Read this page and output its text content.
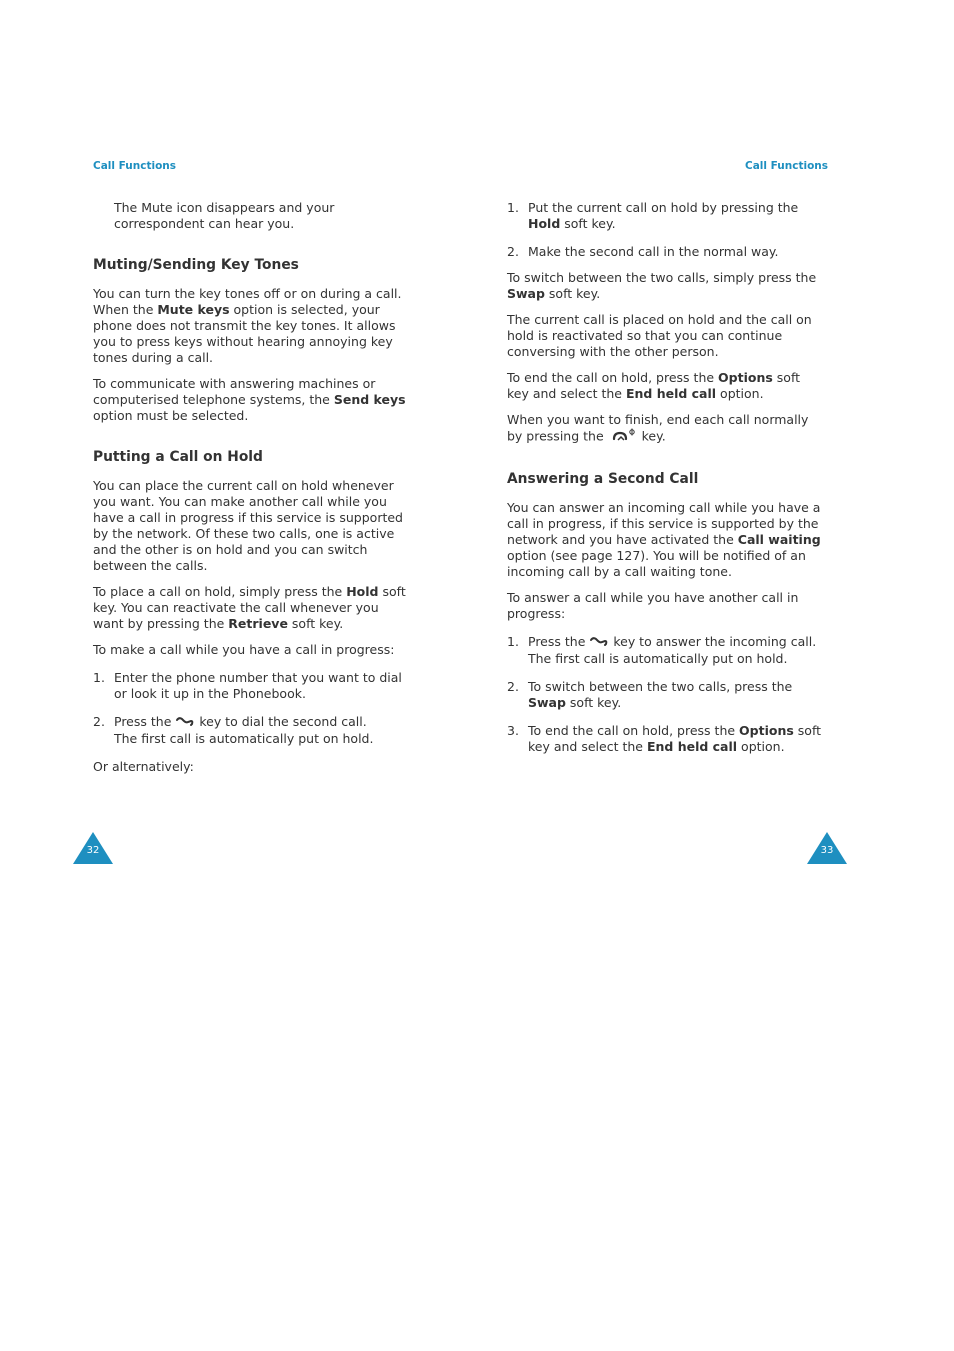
Call Functions	Call Functions

The Mute icon disappears and your correspondent can hear you.

Muting/Sending Key Tones

You can turn the key tones off or on during a call. When the Mute keys option is selected, your phone does not transmit the key tones. It allows you to press keys without hearing annoying key tones during a call.

To communicate with answering machines or computerised telephone systems, the Send keys option must be selected.

Putting a Call on Hold

You can place the current call on hold whenever you want. You can make another call while you have a call in progress if this service is supported by the network. Of these two calls, one is active and the other is on hold and you can switch between the calls.

To place a call on hold, simply press the Hold soft key. You can reactivate the call whenever you want by pressing the Retrieve soft key.

To make a call while you have a call in progress:

1. Enter the phone number that you want to dial or look it up in the Phonebook.
2. Press the  key to dial the second call.
The first call is automatically put on hold.

Or alternatively:

1. Put the current call on hold by pressing the Hold soft key.
2. Make the second call in the normal way.

To switch between the two calls, simply press the Swap soft key.

The current call is placed on hold and the call on hold is reactivated so that you can continue conversing with the other person.

To end the call on hold, press the Options soft key and select the End held call option.

When you want to finish, end each call normally by pressing the  key.

Answering a Second Call

You can answer an incoming call while you have a call in progress, if this service is supported by the network and you have activated the Call waiting option (see page 127). You will be notified of an incoming call by a call waiting tone.

To answer a call while you have another call in progress:

1. Press the  key to answer the incoming call. The first call is automatically put on hold.
2. To switch between the two calls, press the Swap soft key.
3. To end the call on hold, press the Options soft key and select the End held call option.
32	33
